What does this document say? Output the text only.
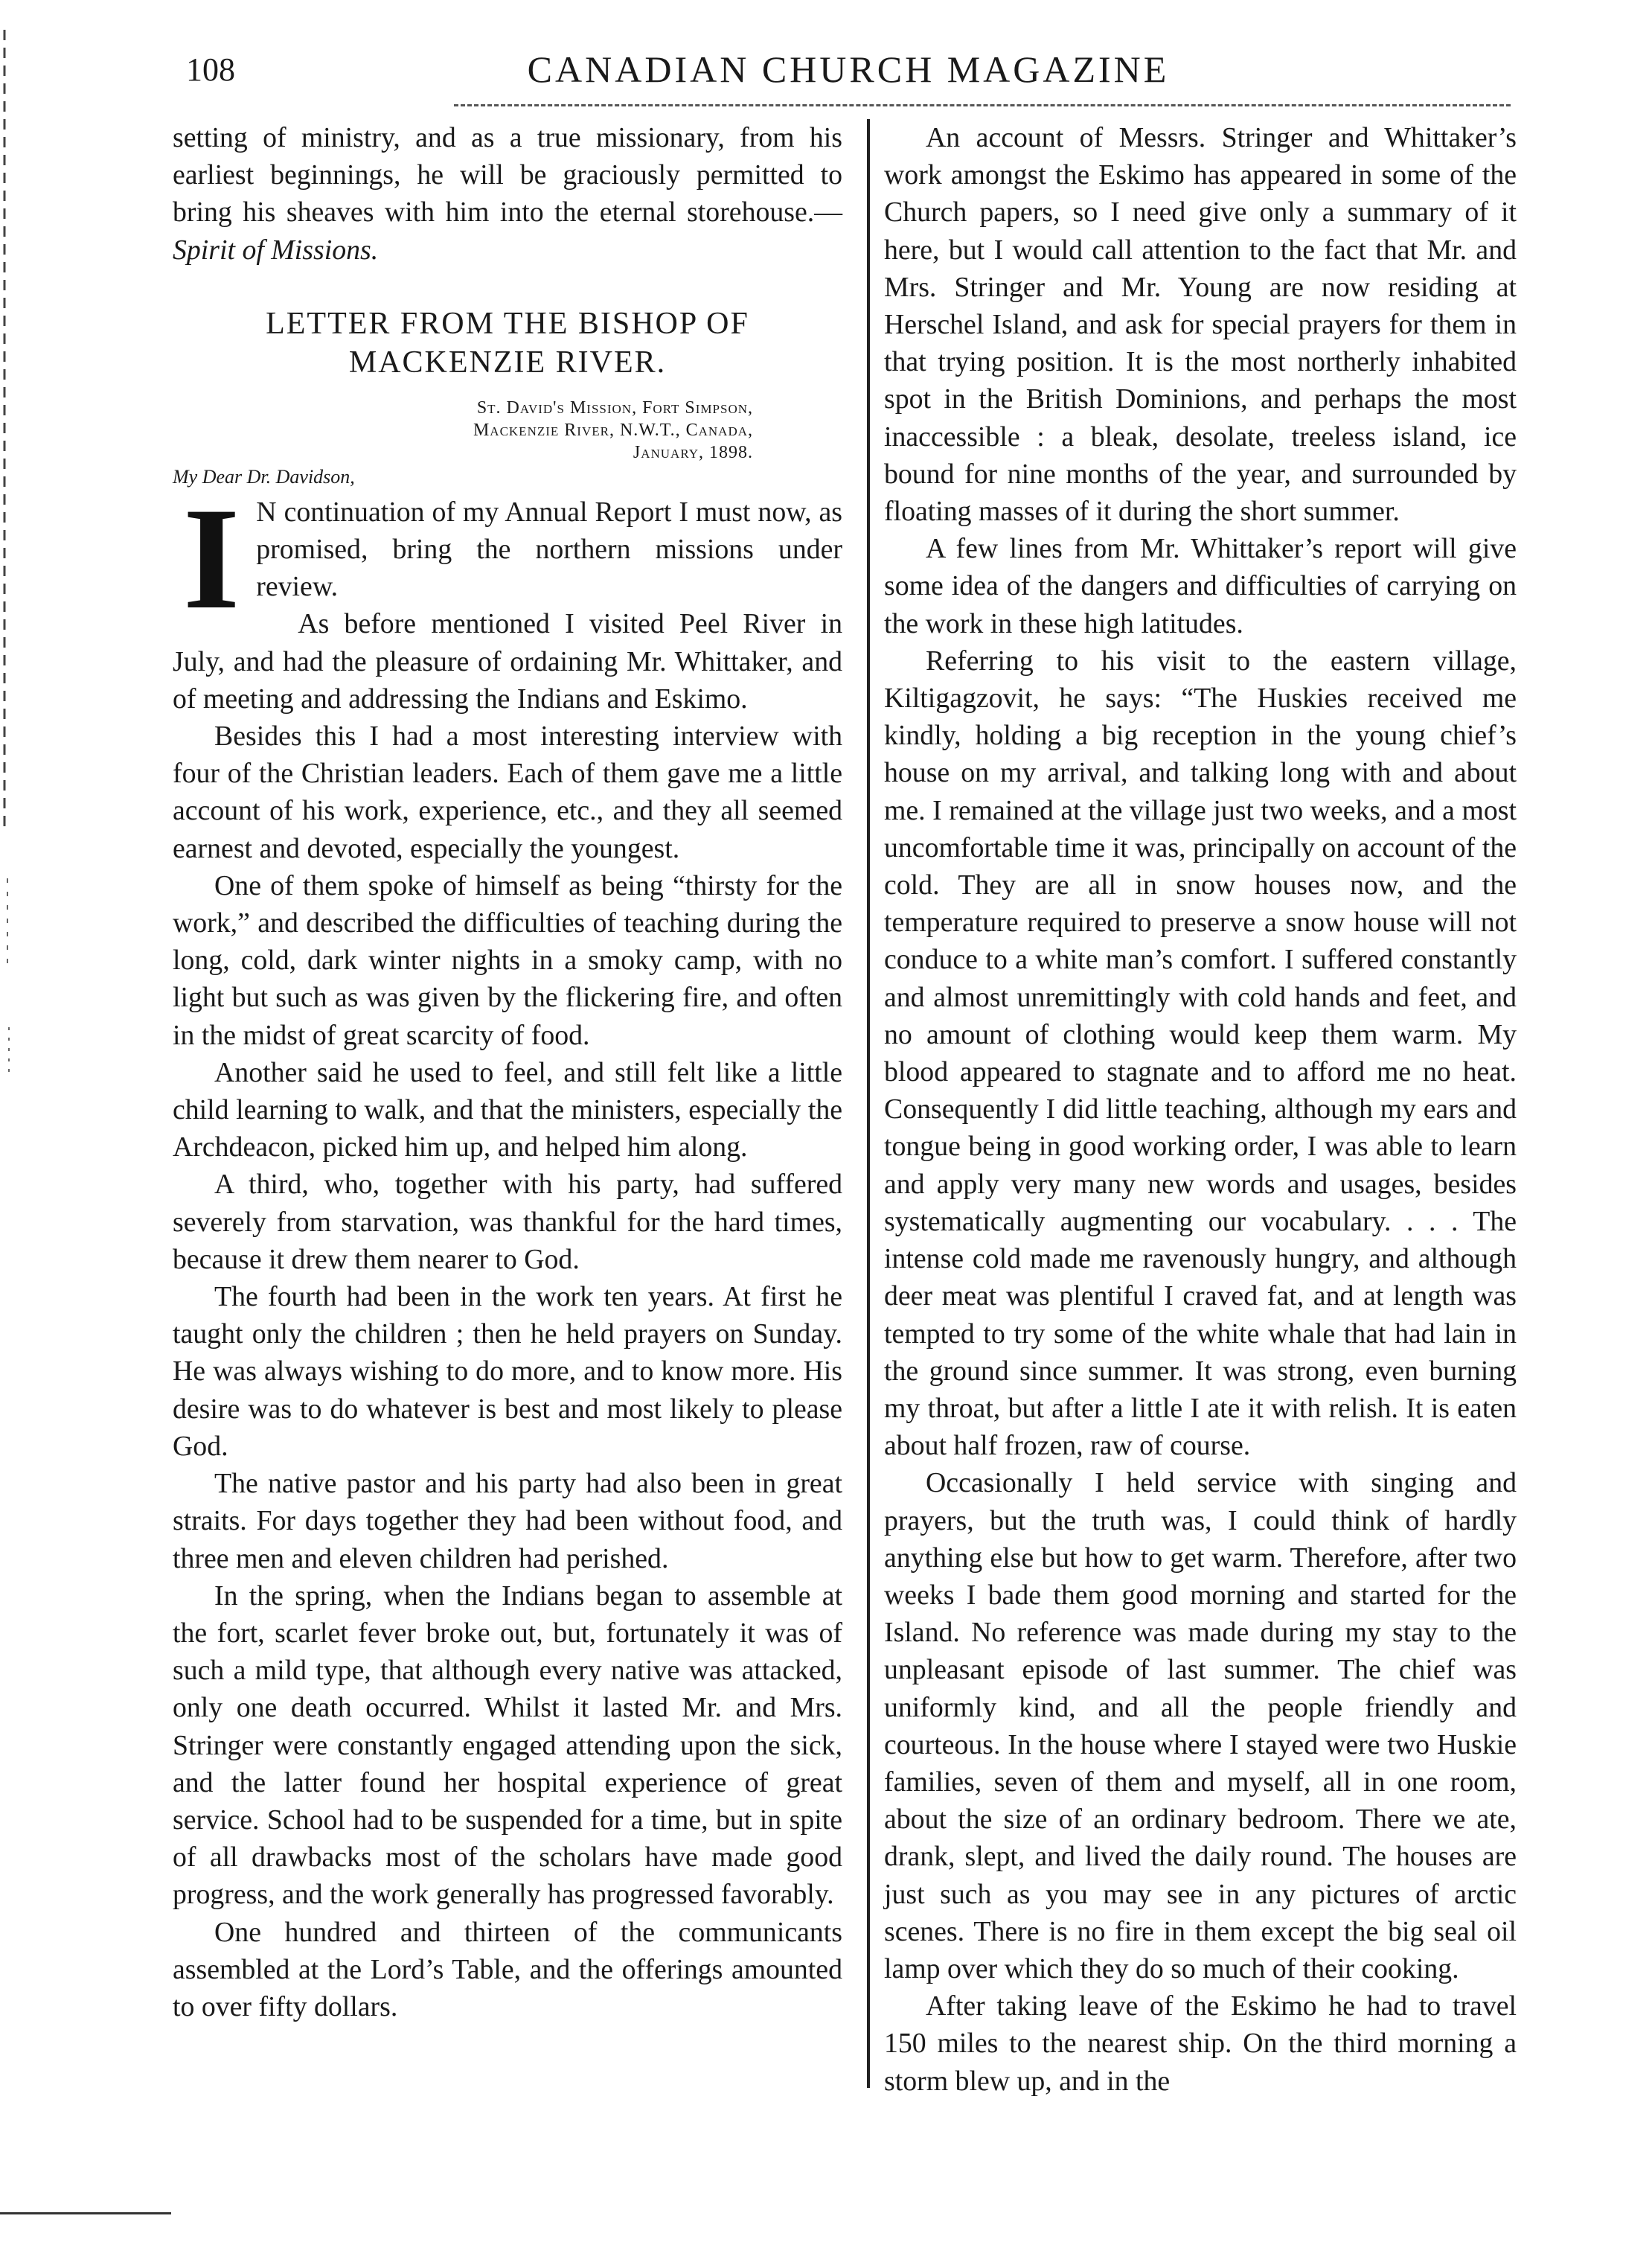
108	CANADIAN CHURCH MAGAZINE

setting of ministry, and as a true missionary, from his earliest beginnings, he will be graciously permitted to bring his sheaves with him into the eternal storehouse.—Spirit of Missions.

LETTER FROM THE BISHOP OF MACKENZIE RIVER.
St. David's Mission, Fort Simpson,
Mackenzie River, N.W.T., Canada,
January, 1898.
My Dear Dr. Davidson,

I N continuation of my Annual Report I must now, as promised, bring the northern missions under review.

As before mentioned I visited Peel River in July, and had the pleasure of ordaining Mr. Whittaker, and of meeting and addressing the Indians and Eskimo.

Besides this I had a most interesting interview with four of the Christian leaders. Each of them gave me a little account of his work, experience, etc., and they all seemed earnest and devoted, especially the youngest.

One of them spoke of himself as being “thirsty for the work,” and described the difficulties of teaching during the long, cold, dark winter nights in a smoky camp, with no light but such as was given by the flickering fire, and often in the midst of great scarcity of food.

Another said he used to feel, and still felt like a little child learning to walk, and that the ministers, especially the Archdeacon, picked him up, and helped him along.

A third, who, together with his party, had suffered severely from starvation, was thankful for the hard times, because it drew them nearer to God.

The fourth had been in the work ten years. At first he taught only the children ; then he held prayers on Sunday. He was always wishing to do more, and to know more. His desire was to do whatever is best and most likely to please God.

The native pastor and his party had also been in great straits. For days together they had been without food, and three men and eleven children had perished.

In the spring, when the Indians began to assemble at the fort, scarlet fever broke out, but, fortunately it was of such a mild type, that although every native was attacked, only one death occurred. Whilst it lasted Mr. and Mrs. Stringer were constantly engaged attending upon the sick, and the latter found her hospital experience of great service. School had to be suspended for a time, but in spite of all drawbacks most of the scholars have made good progress, and the work generally has progressed favorably.

One hundred and thirteen of the communicants assembled at the Lord’s Table, and the offerings amounted to over fifty dollars.

An account of Messrs. Stringer and Whittaker’s work amongst the Eskimo has appeared in some of the Church papers, so I need give only a summary of it here, but I would call attention to the fact that Mr. and Mrs. Stringer and Mr. Young are now residing at Herschel Island, and ask for special prayers for them in that trying position. It is the most northerly inhabited spot in the British Dominions, and perhaps the most inaccessible : a bleak, desolate, treeless island, ice bound for nine months of the year, and surrounded by floating masses of it during the short summer.

A few lines from Mr. Whittaker’s report will give some idea of the dangers and difficulties of carrying on the work in these high latitudes.

Referring to his visit to the eastern village, Kiltigagzovit, he says: “The Huskies received me kindly, holding a big reception in the young chief’s house on my arrival, and talking long with and about me. I remained at the village just two weeks, and a most uncomfortable time it was, principally on account of the cold. They are all in snow houses now, and the temperature required to preserve a snow house will not conduce to a white man’s comfort. I suffered constantly and almost unremittingly with cold hands and feet, and no amount of clothing would keep them warm. My blood appeared to stagnate and to afford me no heat. Consequently I did little teaching, although my ears and tongue being in good working order, I was able to learn and apply very many new words and usages, besides systematically augmenting our vocabulary. . . . The intense cold made me ravenously hungry, and although deer meat was plentiful I craved fat, and at length was tempted to try some of the white whale that had lain in the ground since summer. It was strong, even burning my throat, but after a little I ate it with relish. It is eaten about half frozen, raw of course.

Occasionally I held service with singing and prayers, but the truth was, I could think of hardly anything else but how to get warm. Therefore, after two weeks I bade them good morning and started for the Island. No reference was made during my stay to the unpleasant episode of last summer. The chief was uniformly kind, and all the people friendly and courteous. In the house where I stayed were two Huskie families, seven of them and myself, all in one room, about the size of an ordinary bedroom. There we ate, drank, slept, and lived the daily round. The houses are just such as you may see in any pictures of arctic scenes. There is no fire in them except the big seal oil lamp over which they do so much of their cooking.

After taking leave of the Eskimo he had to travel 150 miles to the nearest ship. On the third morning a storm blew up, and in the
